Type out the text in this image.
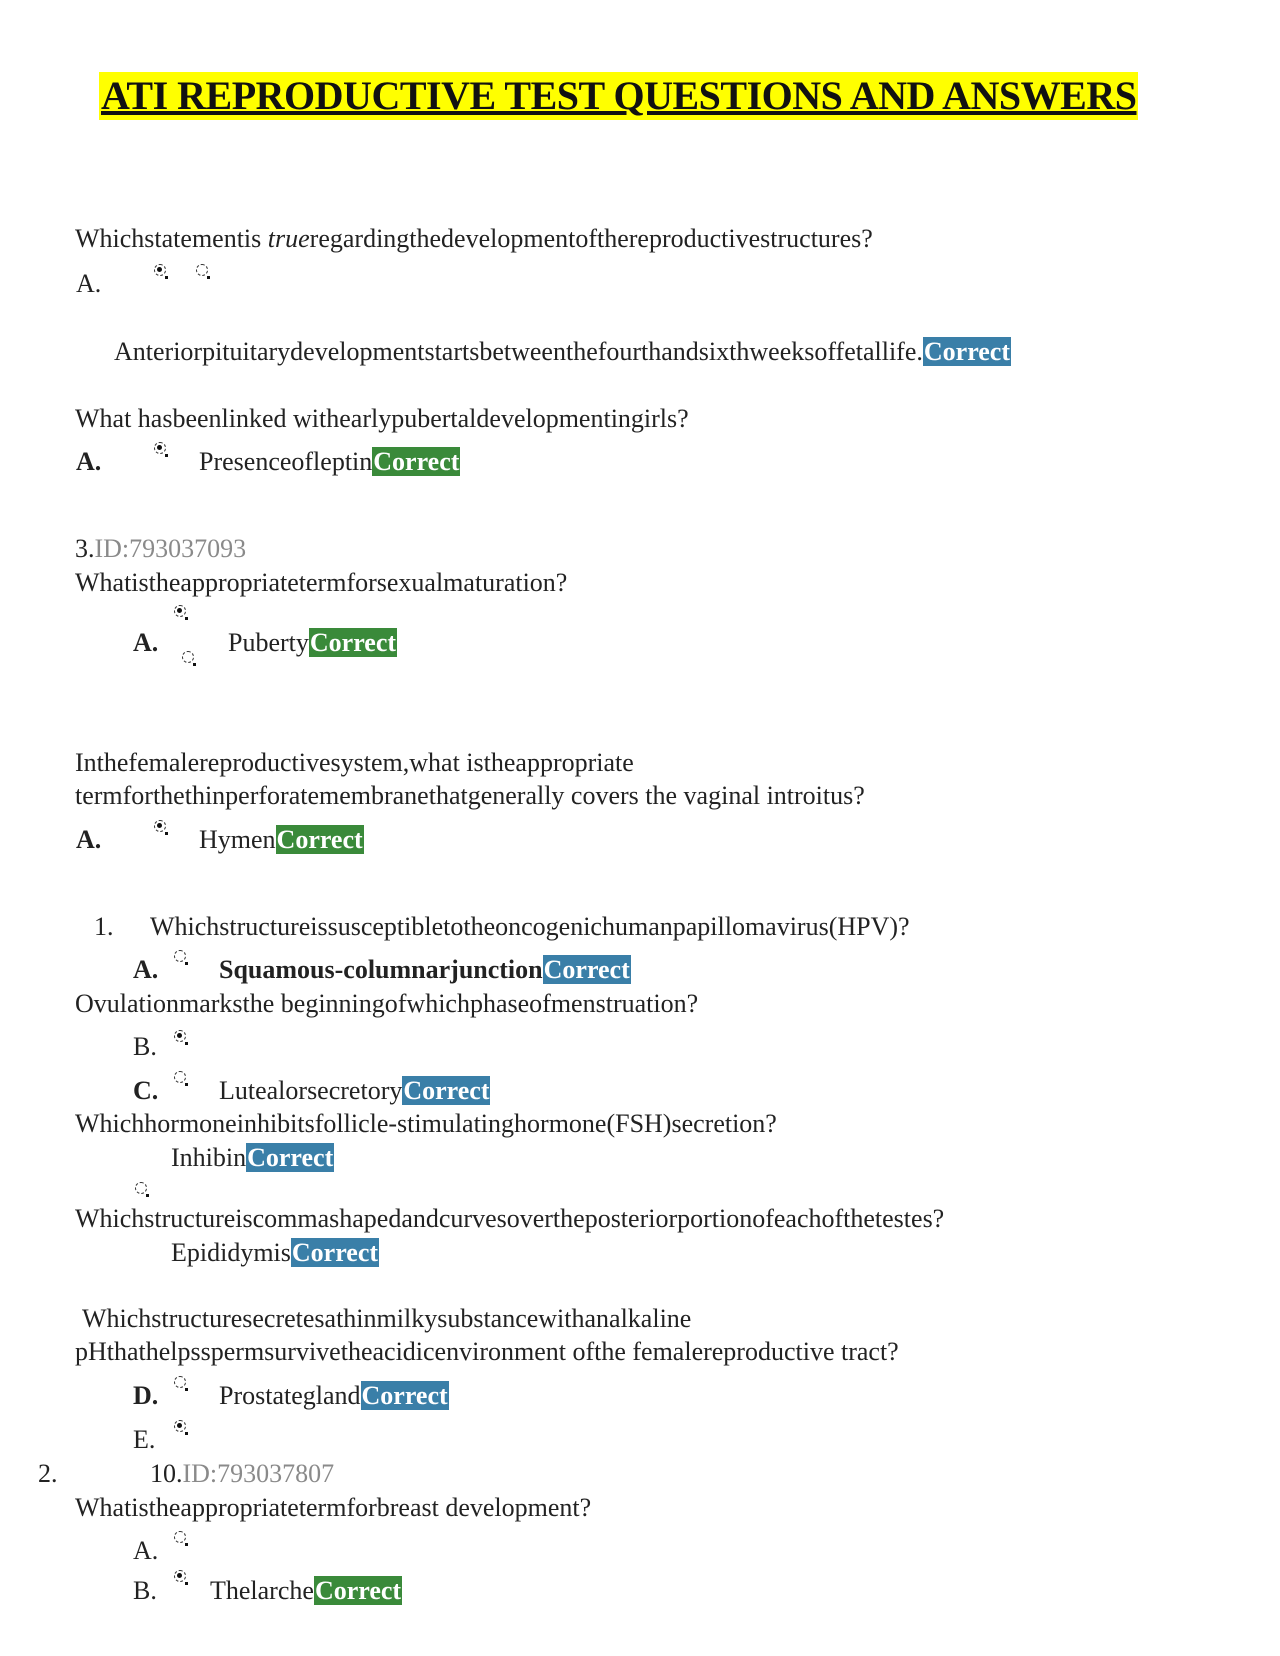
ATI REPRODUCTIVE TEST QUESTIONS AND ANSWERS
Whichstatementis trueregardingthedevelopmentofthereproductivestructures?
A.
Anteriorpituitarydevelopmentstartsbetweenthefourthandsixthweeksoffetallife.Correct
What hasbeenlinked withearlypubertaldevelopmentingirls?
A.	PresenceofleptinCorrect
3.ID:793037093
Whatistheappropriatetermforsexualmaturation?
A.	PubertyCorrect
Inthefemalereproductivesystem,what istheappropriate
termforthethinperforatemembranethatgenerally covers the vaginal introitus?
A.	HymenCorrect
1. Whichstructureissusceptibletotheoncogenichumanpapillomavirus(HPV)?
A. Squamous-columnarjunctionCorrect
Ovulationmarksthe beginningofwhichphaseofmenstruation?
B.
C. LutealorsecretoryCorrect
Whichhormoneinhibitsfollicle-stimulatinghormone(FSH)secretion?
InhibinCorrect
Whichstructureiscommashapedandcurvesovertheposteriorportionofeachofthetestes?
EpididymisCorrect
Whichstructuresecretesathinmilkysubstancewithanalkaline
pHthathelpsspermsurvivetheacidicenvironment ofthe femalereproductive tract?
D. ProstateglandCorrect
E.
2.	10.ID:793037807
Whatistheappropriatetermforbreast development?
A.
B. ThelarcheCorrect
